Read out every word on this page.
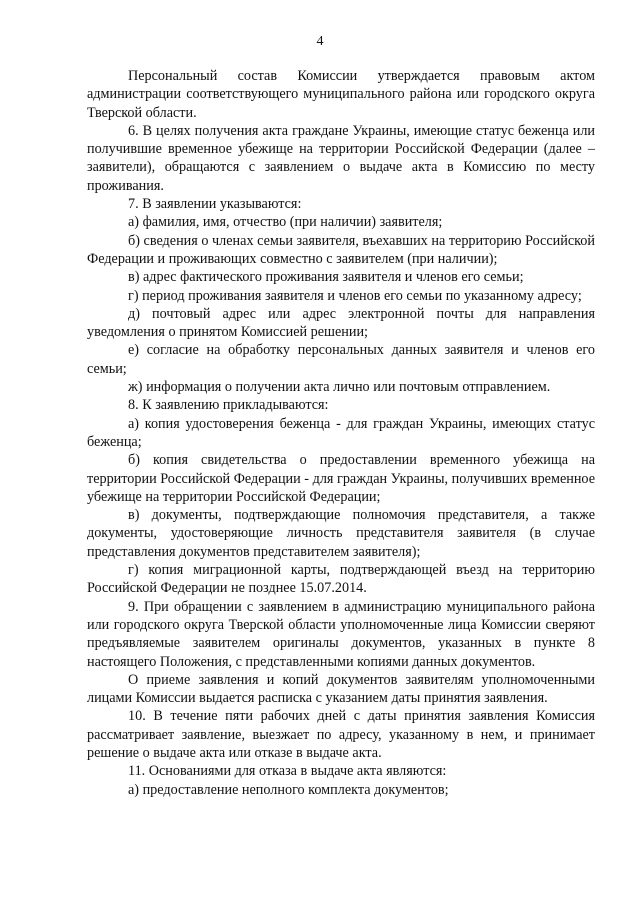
4

Персональный состав Комиссии утверждается правовым актом администрации соответствующего муниципального района или городского округа Тверской области.

6. В целях получения акта граждане Украины, имеющие статус беженца или получившие временное убежище на территории Российской Федерации (далее – заявители), обращаются с заявлением о выдаче акта в Комиссию по месту проживания.

7. В заявлении указываются:

а) фамилия, имя, отчество (при наличии) заявителя;

б) сведения о членах семьи заявителя, въехавших на территорию Российской Федерации и проживающих совместно с заявителем (при наличии);

в) адрес фактического проживания заявителя и членов его семьи;

г) период проживания заявителя и членов его семьи по указанному адресу;

д) почтовый адрес или адрес электронной почты для направления уведомления о принятом Комиссией решении;

е) согласие на обработку персональных данных заявителя и членов его семьи;

ж) информация о получении акта лично или почтовым отправлением.

8. К заявлению прикладываются:

а) копия удостоверения беженца - для граждан Украины, имеющих статус беженца;

б) копия свидетельства о предоставлении временного убежища на территории Российской Федерации - для граждан Украины, получивших временное убежище на территории Российской Федерации;

в) документы, подтверждающие полномочия представителя, а также документы, удостоверяющие личность представителя заявителя (в случае представления документов представителем заявителя);

г) копия миграционной карты, подтверждающей въезд на территорию Российской Федерации не позднее 15.07.2014.

9. При обращении с заявлением в администрацию муниципального района или городского округа Тверской области уполномоченные лица Комиссии сверяют предъявляемые заявителем оригиналы документов, указанных в пункте 8 настоящего Положения, с представленными копиями данных документов.

О приеме заявления и копий документов заявителям уполномоченными лицами Комиссии выдается расписка с указанием даты принятия заявления.

10. В течение пяти рабочих дней с даты принятия заявления Комиссия рассматривает заявление, выезжает по адресу, указанному в нем, и принимает решение о выдаче акта или отказе в выдаче акта.

11. Основаниями для отказа в выдаче акта являются:

а) предоставление неполного комплекта документов;
